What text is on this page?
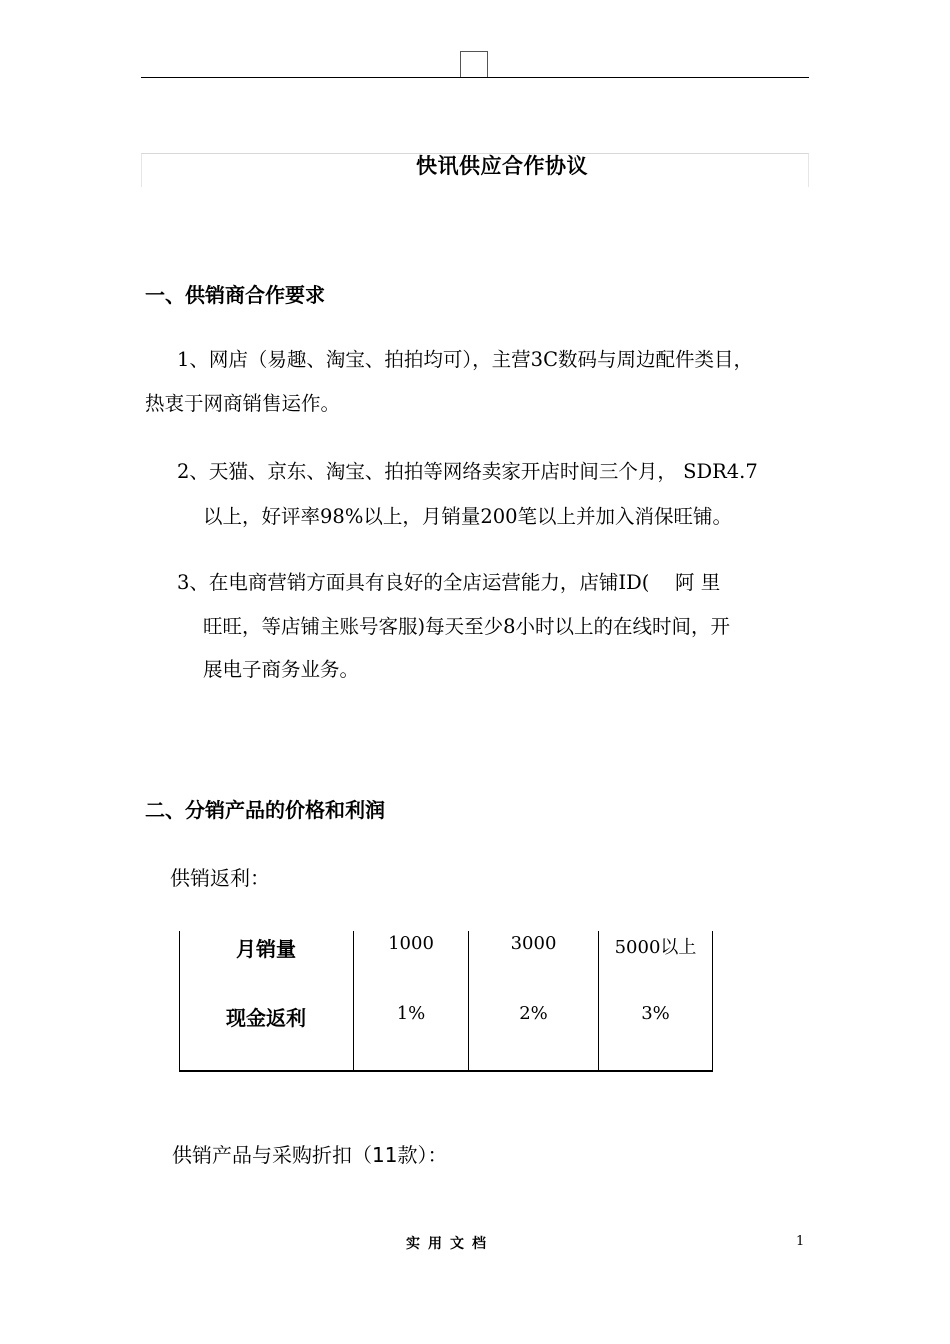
快讯供应合作协议
一、供销商合作要求
1、网店（易趣、淘宝、拍拍均可），主营3C数码与周边配件类目，
热衷于网商销售运作。
2、天猫、京东、淘宝、拍拍等网络卖家开店时间三个月， SDR4.7
以上，好评率98%以上，月销量200笔以上并加入消保旺铺。
3、在电商营销方面具有良好的全店运营能力，店铺ID(　 阿 里
旺旺，等店铺主账号客服)每天至少8小时以上的在线时间，开
展电子商务业务。
二、分销产品的价格和利润
供销返利：
月销量	1000	3000	5000以上
现金返利	1%	2%	3%
供销产品与采购折扣（11款）：
实用文档	1
